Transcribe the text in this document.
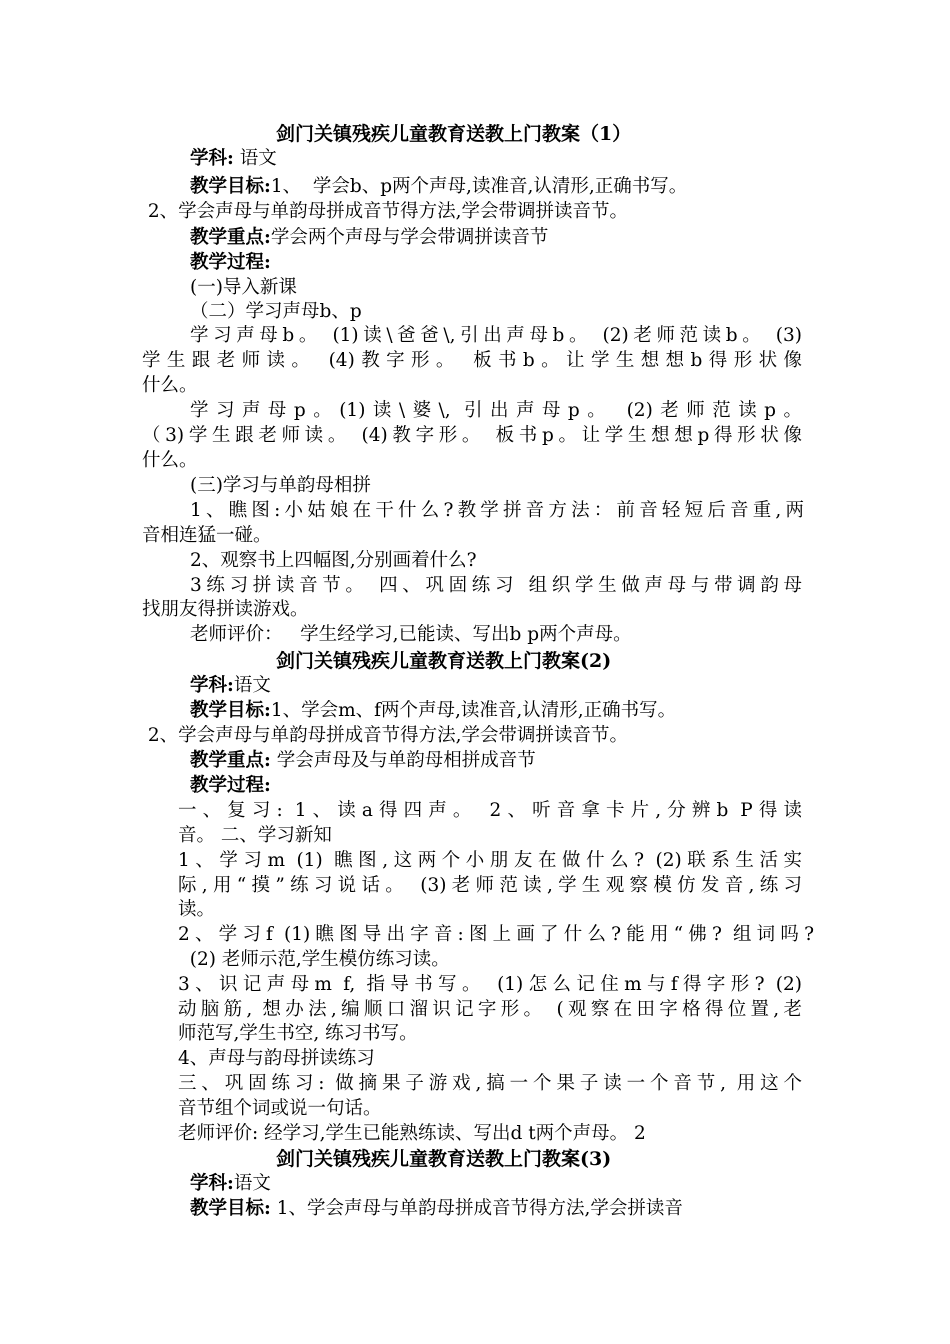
剑门关镇残疾儿童教育送教上门教案（1）
学科: 语文
教学目标:1、  学会b、p两个声母,读准音,认清形,正确书写。
2、学会声母与单韵母拼成音节得方法,学会带调拼读音节。
教学重点:学会两个声母与学会带调拼读音节
教学过程:
(一)导入新课
（二）学习声母b、p
学习声母b。 (1)读\爸爸\,引出声母b。 (2)老师范读b。 (3)
学生跟老师读。 (4)教字形。 板书b。让学生想想b得形状像
什么。
学习声母p。(1)读\婆\, 引出声母p。 (2)老师范读p。
（3)学生跟老师读。 (4)教字形。 板书p。让学生想想p得形状像
什么。
(三)学习与单韵母相拼
1、瞧图:小姑娘在干什么?教学拼音方法：前音轻短后音重,两
音相连猛一碰。
2、观察书上四幅图,分别画着什么?
3练习拼读音节。 四、巩固练习 组织学生做声母与带调韵母
找朋友得拼读游戏。
老师评价：   学生经学习,已能读、写出b p两个声母。
剑门关镇残疾儿童教育送教上门教案(2)
学科:语文
教学目标:1、学会m、f两个声母,读准音,认清形,正确书写。
2、学会声母与单韵母拼成音节得方法,学会带调拼读音节。
教学重点: 学会声母及与单韵母相拼成音节
教学过程:
一、复习: 1、读a得四声。 2、听音拿卡片,分辨b P得读
音。 二、学习新知
1、学习m (1) 瞧图,这两个小朋友在做什么? (2)联系生活实
际,用“摸”练习说话。 (3)老师范读,学生观察模仿发音,练习
读。
2、学习f (1)瞧图导出字音:图上画了什么?能用“佛? 组词吗?
(2) 老师示范,学生模仿练习读。
3、识记声母m f, 指导书写。 (1)怎么记住m与f得字形? (2)
动脑筋, 想办法,编顺口溜识记字形。 (观察在田字格得位置,老
师范写,学生书空, 练习书写。
4、声母与韵母拼读练习
三、巩固练习: 做摘果子游戏,搞一个果子读一个音节, 用这个
音节组个词或说一句话。
老师评价: 经学习,学生已能熟练读、写出d t两个声母。 2
剑门关镇残疾儿童教育送教上门教案(3)
学科:语文
教学目标: 1、学会声母与单韵母拼成音节得方法,学会拼读音
